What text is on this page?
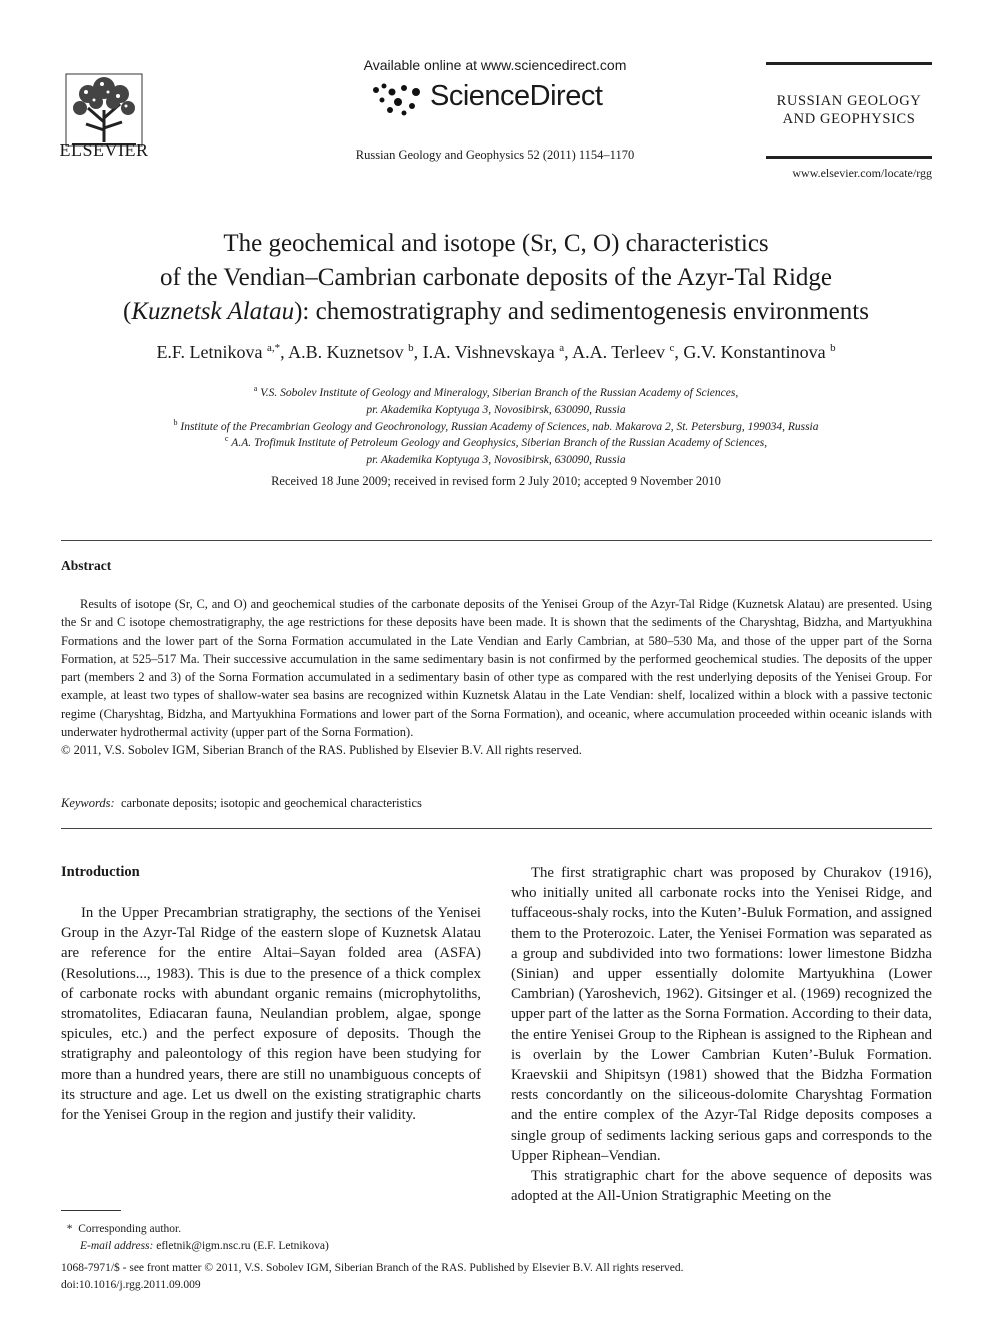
ELSEVIER
Available online at www.sciencedirect.com
ScienceDirect
Russian Geology and Geophysics 52 (2011) 1154–1170
RUSSIAN GEOLOGY
AND GEOPHYSICS
www.elsevier.com/locate/rgg
The geochemical and isotope (Sr, C, O) characteristics
of the Vendian–Cambrian carbonate deposits of the Azyr-Tal Ridge
(Kuznetsk Alatau): chemostratigraphy and sedimentogenesis environments
E.F. Letnikova $^{a,*}$, A.B. Kuznetsov $^b$, I.A. Vishnevskaya $^a$, A.A. Terleev $^c$, G.V. Konstantinova $^b$
$^a$ V.S. Sobolev Institute of Geology and Mineralogy, Siberian Branch of the Russian Academy of Sciences,
pr. Akademika Koptyuga 3, Novosibirsk, 630090, Russia
$^b$ Institute of the Precambrian Geology and Geochronology, Russian Academy of Sciences, nab. Makarova 2, St. Petersburg, 199034, Russia
$^c$ A.A. Trofimuk Institute of Petroleum Geology and Geophysics, Siberian Branch of the Russian Academy of Sciences,
pr. Akademika Koptyuga 3, Novosibirsk, 630090, Russia
Received 18 June 2009; received in revised form 2 July 2010; accepted 9 November 2010
Abstract

Results of isotope (Sr, C, and O) and geochemical studies of the carbonate deposits of the Yenisei Group of the Azyr-Tal Ridge (Kuznetsk Alatau) are presented. Using the Sr and C isotope chemostratigraphy, the age restrictions for these deposits have been made. It is shown that the sediments of the Charyshtag, Bidzha, and Martyukhina Formations and the lower part of the Sorna Formation accumulated in the Late Vendian and Early Cambrian, at 580–530 Ma, and those of the upper part of the Sorna Formation, at 525–517 Ma. Their successive accumulation in the same sedimentary basin is not confirmed by the performed geochemical studies. The deposits of the upper part (members 2 and 3) of the Sorna Formation accumulated in a sedimentary basin of other type as compared with the rest underlying deposits of the Yenisei Group. For example, at least two types of shallow-water sea basins are recognized within Kuznetsk Alatau in the Late Vendian: shelf, localized within a block with a passive tectonic regime (Charyshtag, Bidzha, and Martyukhina Formations and lower part of the Sorna Formation), and oceanic, where accumulation proceeded within oceanic islands with underwater hydrothermal activity (upper part of the Sorna Formation).

© 2011, V.S. Sobolev IGM, Siberian Branch of the RAS. Published by Elsevier B.V. All rights reserved.

Keywords: carbonate deposits; isotopic and geochemical characteristics
Introduction

In the Upper Precambrian stratigraphy, the sections of the Yenisei Group in the Azyr-Tal Ridge of the eastern slope of Kuznetsk Alatau are reference for the entire Altai–Sayan folded area (ASFA) (Resolutions..., 1983). This is due to the presence of a thick complex of carbonate rocks with abundant organic remains (microphytoliths, stromatolites, Ediacaran fauna, Neulandian problem, algae, sponge spicules, etc.) and the perfect exposure of deposits. Though the stratigraphy and paleontology of this region have been studying for more than a hundred years, there are still no unambiguous concepts of its structure and age. Let us dwell on the existing stratigraphic charts for the Yenisei Group in the region and justify their validity.

The first stratigraphic chart was proposed by Churakov (1916), who initially united all carbonate rocks into the Yenisei Ridge, and tuffaceous-shaly rocks, into the Kuten’-Buluk Formation, and assigned them to the Proterozoic. Later, the Yenisei Formation was separated as a group and subdivided into two formations: lower limestone Bidzha (Sinian) and upper essentially dolomite Martyukhina (Lower Cambrian) (Yaroshevich, 1962). Gitsinger et al. (1969) recognized the upper part of the latter as the Sorna Formation. According to their data, the entire Yenisei Group to the Riphean is assigned to the Riphean and is overlain by the Lower Cambrian Kuten’-Buluk Formation. Kraevskii and Shipitsyn (1981) showed that the Bidzha Formation rests concordantly on the siliceous-dolomite Charyshtag Formation and the entire complex of the Azyr-Tal Ridge deposits composes a single group of sediments lacking serious gaps and corresponds to the Upper Riphean–Vendian.

This stratigraphic chart for the above sequence of deposits was adopted at the All-Union Stratigraphic Meeting on the

* Corresponding author.
E-mail address: efletnik@igm.nsc.ru (E.F. Letnikova)
1068-7971/$ - see front matter © 2011, V.S. Sobolev IGM, Siberian Branch of the RAS. Published by Elsevier B.V. All rights reserved.
doi:10.1016/j.rgg.2011.09.009
